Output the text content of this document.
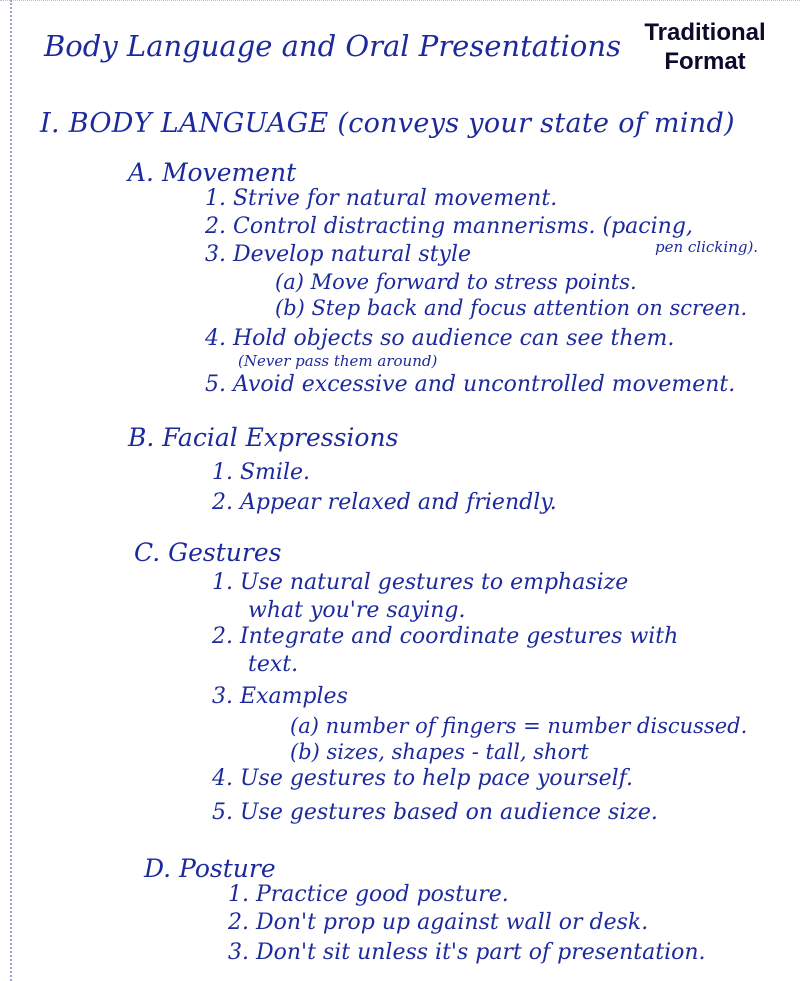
Body Language and Oral Presentations Traditional
Format
I. BODY LANGUAGE (conveys your state of mind)
A. Movement
1. Strive for natural movement.
2. Control distracting mannerisms. (pacing,
pen clicking).
3. Develop natural style
(a) Move forward to stress points.
(b) Step back and focus attention on screen.
4. Hold objects so audience can see them.
(Never pass them around)
5. Avoid excessive and uncontrolled movement.
B. Facial Expressions
1. Smile.
2. Appear relaxed and friendly.
C. Gestures
1. Use natural gestures to emphasize
what you're saying.
2. Integrate and coordinate gestures with
text.
3. Examples
(a) number of fingers = number discussed.
(b) sizes, shapes - tall, short
4. Use gestures to help pace yourself.
5. Use gestures based on audience size.
D. Posture
1. Practice good posture.
2. Don't prop up against wall or desk.
3. Don't sit unless it's part of presentation.
